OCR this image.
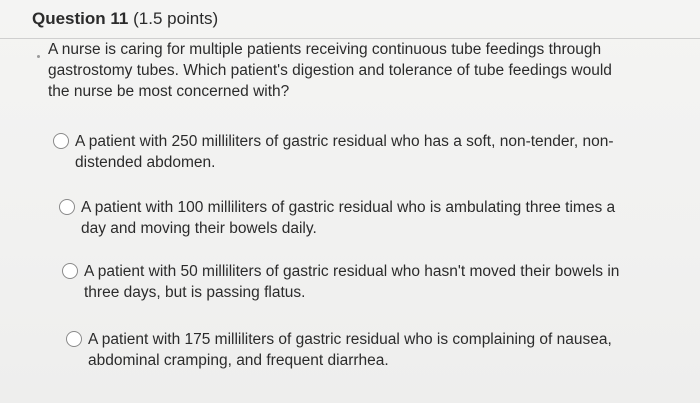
Question 11 (1.5 points)

A nurse is caring for multiple patients receiving continuous tube feedings through gastrostomy tubes. Which patient's digestion and tolerance of tube feedings would the nurse be most concerned with?

A patient with 250 milliliters of gastric residual who has a soft, non-tender, non-distended abdomen.
A patient with 100 milliliters of gastric residual who is ambulating three times a day and moving their bowels daily.
A patient with 50 milliliters of gastric residual who hasn't moved their bowels in three days, but is passing flatus.
A patient with 175 milliliters of gastric residual who is complaining of nausea, abdominal cramping, and frequent diarrhea.
